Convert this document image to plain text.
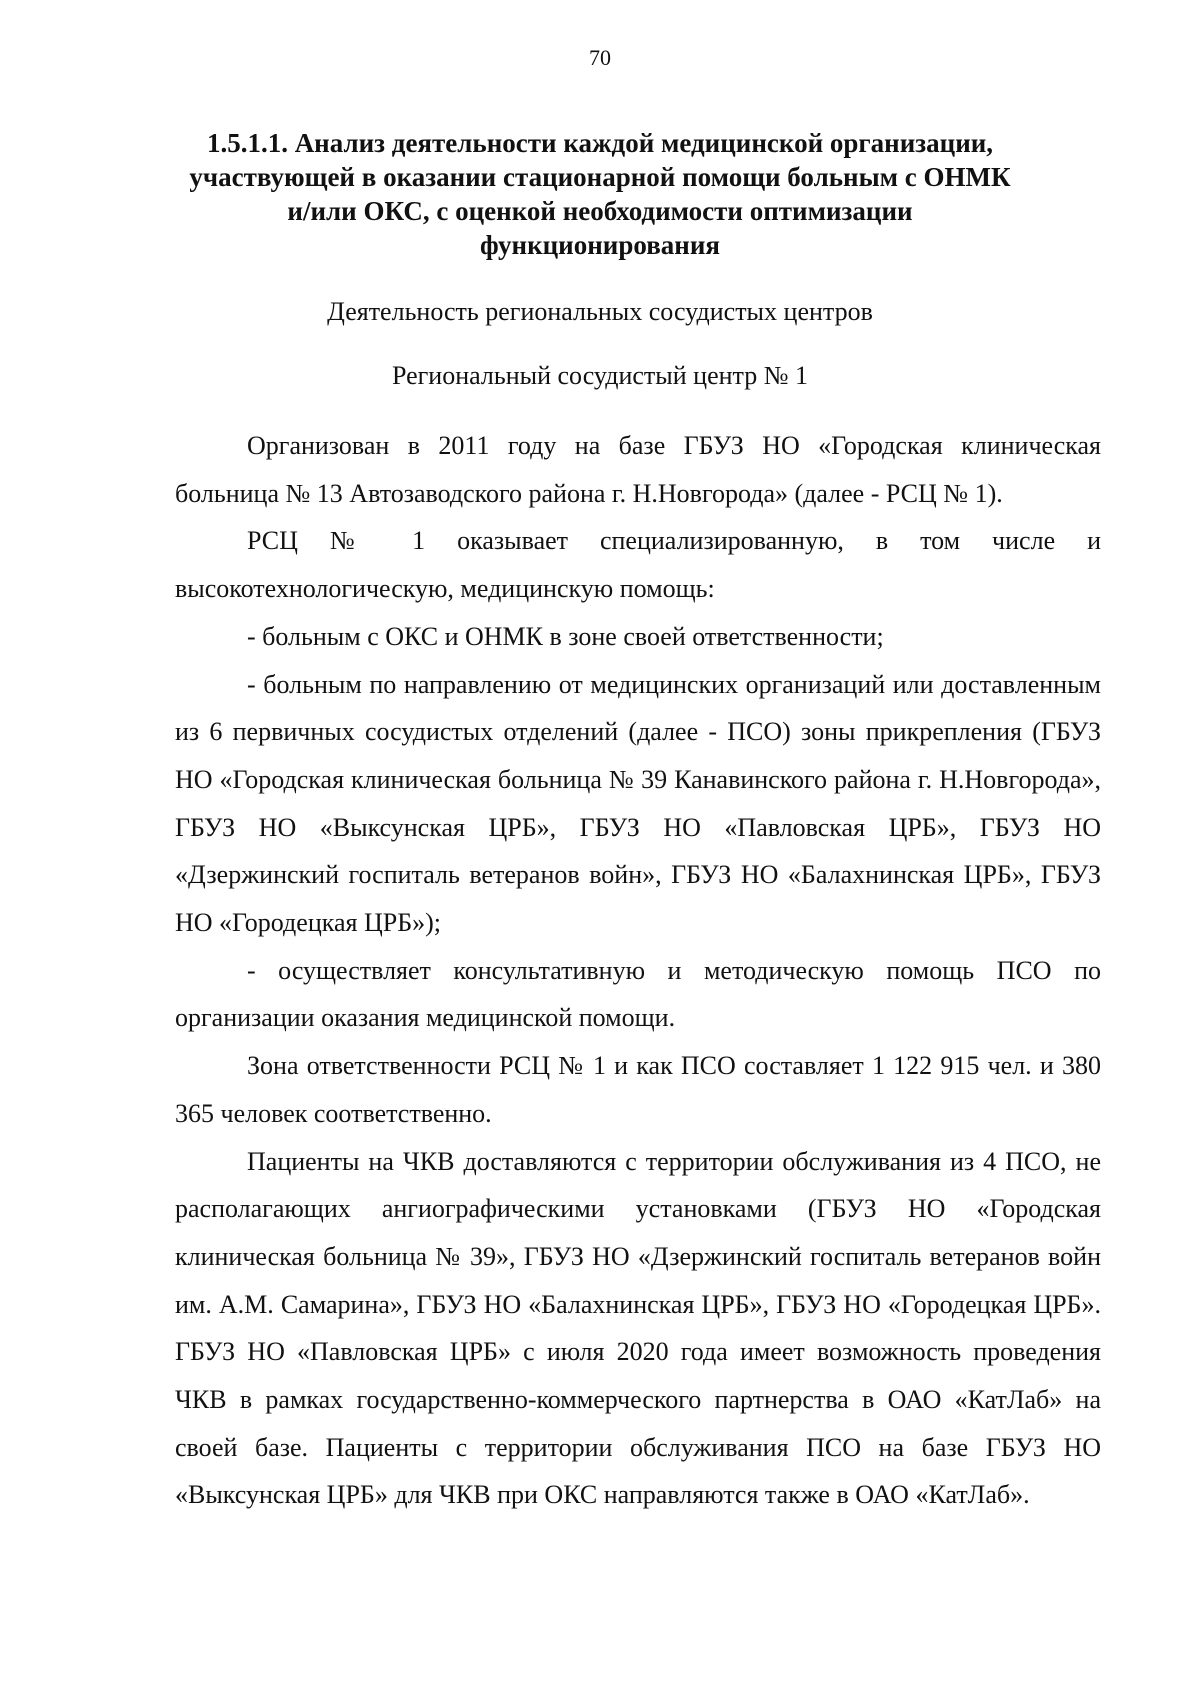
70
1.5.1.1. Анализ деятельности каждой медицинской организации,
участвующей в оказании стационарной помощи больным с ОНМК
и/или ОКС, с оценкой необходимости оптимизации
функционирования
Деятельность региональных сосудистых центров
Региональный сосудистый центр № 1

Организован в 2011 году на базе ГБУЗ НО «Городская клиническая больница № 13 Автозаводского района г. Н.Новгорода» (далее - РСЦ № 1).

РСЦ № 1 оказывает специализированную, в том числе и высокотехнологическую, медицинскую помощь:

- больным с ОКС и ОНМК в зоне своей ответственности;

- больным по направлению от медицинских организаций или доставленным из 6 первичных сосудистых отделений (далее - ПСО) зоны прикрепления (ГБУЗ НО «Городская клиническая больница № 39 Канавинского района г. Н.Новгорода», ГБУЗ НО «Выксунская ЦРБ», ГБУЗ НО «Павловская ЦРБ», ГБУЗ НО «Дзержинский госпиталь ветеранов войн», ГБУЗ НО «Балахнинская ЦРБ», ГБУЗ НО «Городецкая ЦРБ»);

- осуществляет консультативную и методическую помощь ПСО по организации оказания медицинской помощи.

Зона ответственности РСЦ № 1 и как ПСО составляет 1 122 915 чел. и 380 365 человек соответственно.

Пациенты на ЧКВ доставляются с территории обслуживания из 4 ПСО, не располагающих ангиографическими установками (ГБУЗ НО «Городская клиническая больница № 39», ГБУЗ НО «Дзержинский госпиталь ветеранов войн им. А.М. Самарина», ГБУЗ НО «Балахнинская ЦРБ», ГБУЗ НО «Городецкая ЦРБ». ГБУЗ НО «Павловская ЦРБ» с июля 2020 года имеет возможность проведения ЧКВ в рамках государственно-коммерческого партнерства в ОАО «КатЛаб» на своей базе. Пациенты с территории обслуживания ПСО на базе ГБУЗ НО «Выксунская ЦРБ» для ЧКВ при ОКС направляются также в ОАО «КатЛаб».
